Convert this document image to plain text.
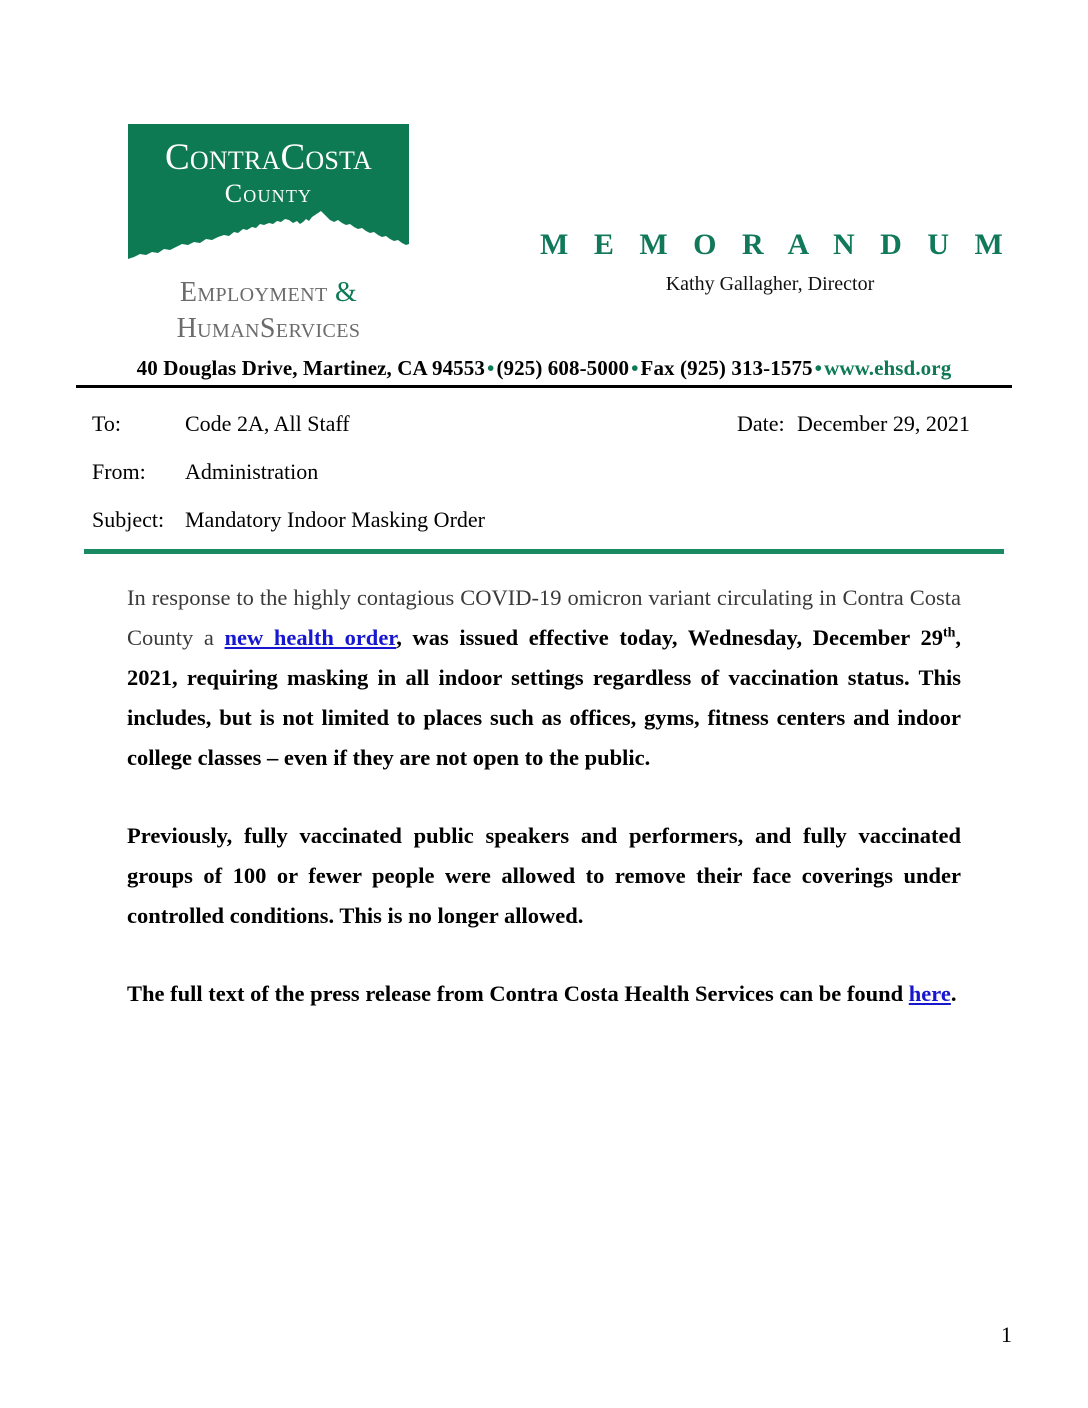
ContraCosta
County
Employment &
HumanServices
M E M O R A N D U M
Kathy Gallagher, Director
40 Douglas Drive, Martinez, CA 94553•(925) 608-5000•Fax (925) 313-1575•www.ehsd.org
To:	Code 2A, All Staff	Date: December 29, 2021
From: Administration
Subject: Mandatory Indoor Masking Order

In response to the highly contagious COVID-19 omicron variant circulating in Contra Costa County a new health order, was issued effective today, Wednesday, December 29th, 2021, requiring masking in all indoor settings regardless of vaccination status. This includes, but is not limited to places such as offices, gyms, fitness centers and indoor college classes – even if they are not open to the public.

Previously, fully vaccinated public speakers and performers, and fully vaccinated groups of 100 or fewer people were allowed to remove their face coverings under controlled conditions. This is no longer allowed.

The full text of the press release from Contra Costa Health Services can be found here.

1
